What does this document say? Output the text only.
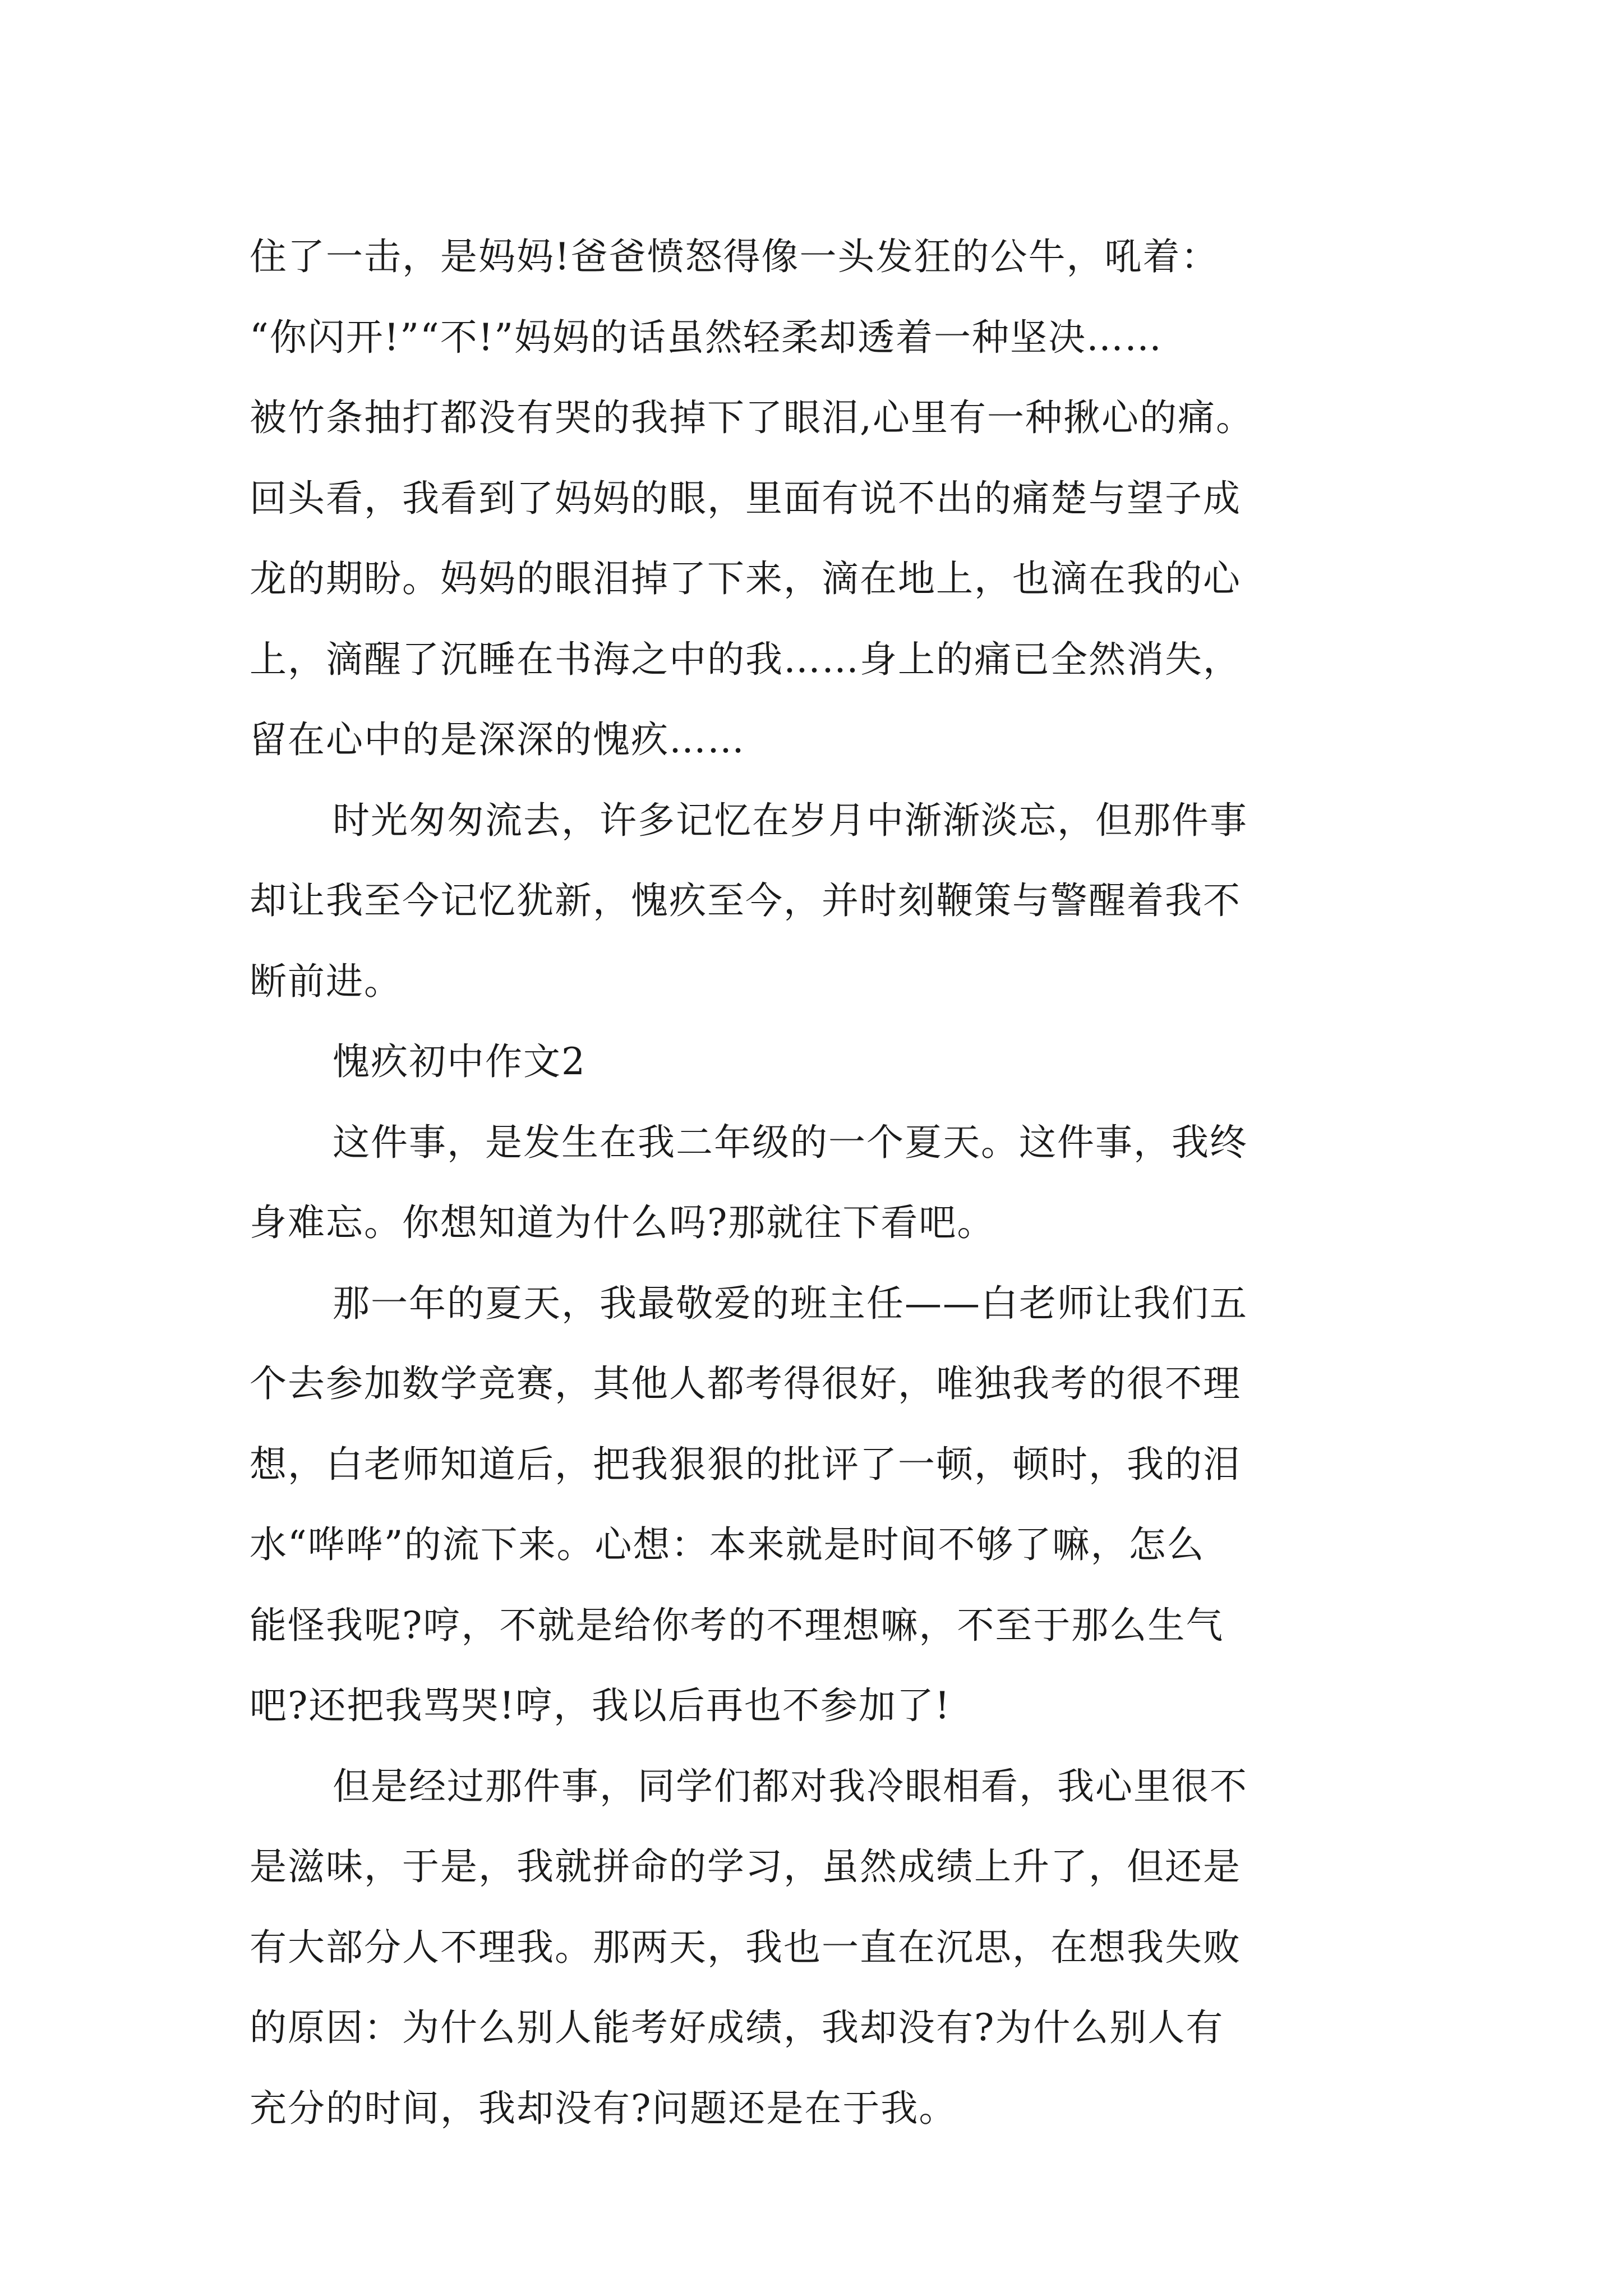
住了一击，是妈妈!爸爸愤怒得像一头发狂的公牛，吼着：
“你闪开!”“不!”妈妈的话虽然轻柔却透着一种坚决……
被竹条抽打都没有哭的我掉下了眼泪,心里有一种揪心的痛。
回头看，我看到了妈妈的眼，里面有说不出的痛楚与望子成
龙的期盼。妈妈的眼泪掉了下来，滴在地上，也滴在我的心
上，滴醒了沉睡在书海之中的我……身上的痛已全然消失，
留在心中的是深深的愧疚……
时光匆匆流去，许多记忆在岁月中渐渐淡忘，但那件事
却让我至今记忆犹新，愧疚至今，并时刻鞭策与警醒着我不
断前进。
愧疚初中作文2
这件事，是发生在我二年级的一个夏天。这件事，我终
身难忘。你想知道为什么吗?那就往下看吧。
那一年的夏天，我最敬爱的班主任——白老师让我们五
个去参加数学竞赛，其他人都考得很好，唯独我考的很不理
想，白老师知道后，把我狠狠的批评了一顿，顿时，我的泪
水“哗哗”的流下来。心想：本来就是时间不够了嘛，怎么
能怪我呢?哼，不就是给你考的不理想嘛，不至于那么生气
吧?还把我骂哭!哼，我以后再也不参加了!
但是经过那件事，同学们都对我冷眼相看，我心里很不
是滋味，于是，我就拼命的学习，虽然成绩上升了，但还是
有大部分人不理我。那两天，我也一直在沉思，在想我失败
的原因：为什么别人能考好成绩，我却没有?为什么别人有
充分的时间，我却没有?问题还是在于我。
